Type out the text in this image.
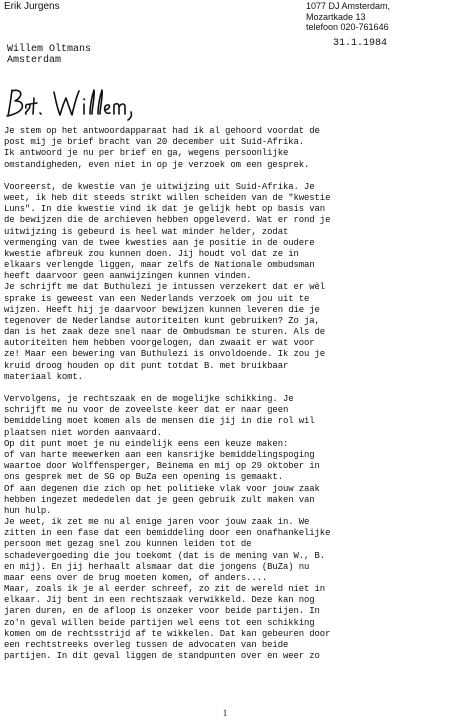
Erik Jurgens	1077 DJ Amsterdam,
Mozartkade 13
telefoon 020-761646
31.1.1984
Willem Oltmans
Amsterdam
Je stem op het antwoordapparaat had ik al gehoord voordat de
post mij je brief bracht van 20 december uit Suid-Afrika.
Ik antwoord je nu per brief en ga, wegens persoonlijke
omstandigheden, even niet in op je verzoek om een gesprek.
Vooreerst, de kwestie van je uitwijzing uit Suid-Afrika. Je
weet, ik heb dit steeds strikt willen scheiden van de "kwestie
Luns". In die kwestie vind ik dat je gelijk hebt op basis van
de bewijzen die de archieven hebben opgeleverd. Wat er rond je
uitwijzing is gebeurd is heel wat minder helder, zodat
vermenging van de twee kwesties aan je positie in de oudere
kwestie afbreuk zou kunnen doen. Jij houdt vol dat ze in
elkaars verlengde liggen, maar zelfs de Nationale ombudsman
heeft daarvoor geen aanwijzingen kunnen vinden.
Je schrijft me dat Buthulezi je intussen verzekert dat er wèl
sprake is geweest van een Nederlands verzoek om jou uit te
wijzen. Heeft hij je daarvoor bewijzen kunnen leveren die je
tegenover de Nederlandse autoriteiten kunt gebruiken? Zo ja,
dan is het zaak deze snel naar de Ombudsman te sturen. Als de
autoriteiten hem hebben voorgelogen, dan zwaait er wat voor
ze! Maar een bewering van Buthulezi is onvoldoende. Ik zou je
kruid droog houden op dit punt totdat B. met bruikbaar
materiaal komt.
Vervolgens, je rechtszaak en de mogelijke schikking. Je
schrijft me nu voor de zoveelste keer dat er naar geen
bemiddeling moet komen als de mensen die jij in die rol wil
plaatsen niet worden aanvaard.
Op dit punt moet je nu eindelijk eens een keuze maken:
of van harte meewerken aan een kansrijke bemiddelingspoging
waartoe door Wolffensperger, Beinema en mij op 29 oktober in
ons gesprek met de SG op BuZa een opening is gemaakt.
Of aan degenen die zich op het politieke vlak voor jouw zaak
hebben ingezet mededelen dat je geen gebruik zult maken van
hun hulp.
Je weet, ik zet me nu al enige jaren voor jouw zaak in. We
zitten in een fase dat een bemiddeling door een onafhankelijke
persoon met gezag snel zou kunnen leiden tot de
schadevergoeding die jou toekomt (dat is de mening van W., B.
en mij). En jij herhaalt alsmaar dat die jongens (BuZa) nu
maar eens over de brug moeten komen, of anders....
Maar, zoals ik je al eerder schreef, zo zit de wereld niet in
elkaar. Jij bent in een rechtszaak verwikkeld. Deze kan nog
jaren duren, en de afloop is onzeker voor beide partijen. In
zo'n geval willen beide partijen wel eens tot een schikking
komen om de rechtsstrijd af te wikkelen. Dat kan gebeuren door
een rechtstreeks overleg tussen de advocaten van beide
partijen. In dit geval liggen de standpunten over en weer zo
1
